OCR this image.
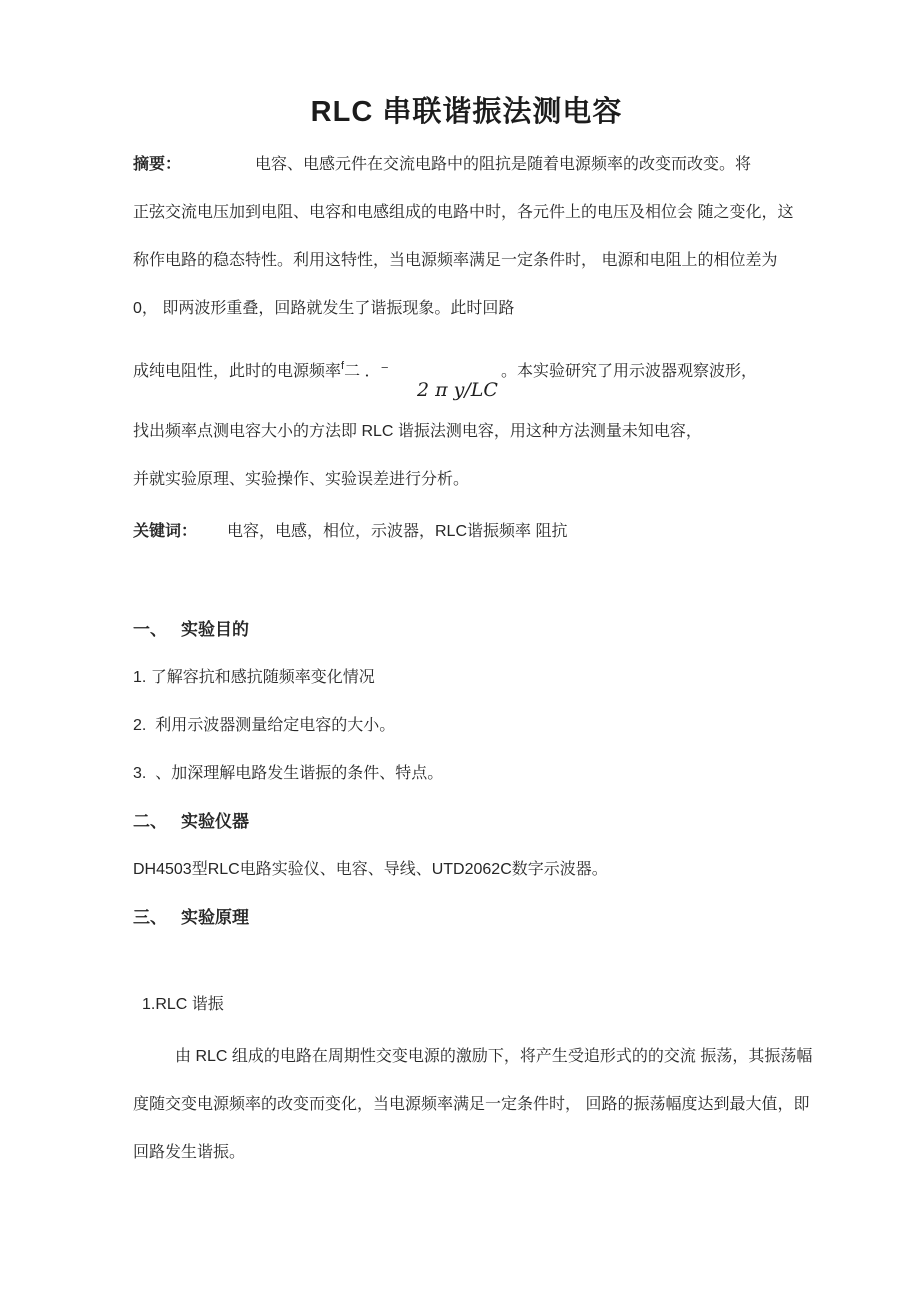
RLC 串联谐振法测电容

摘要：	电容、电感元件在交流电路中的阻抗是随着电源频率的改变而改变。将

正弦交流电压加到电阻、电容和电感组成的电路中时，各元件上的电压及相位会 随之变化，这

称作电路的稳态特性。利用这特性，当电源频率满足一定条件时， 电源和电阻上的相位差为

0， 即两波形重叠，回路就发生了谐振现象。此时回路

成纯电阻性，此时的电源频率$^f$二 ．⁻	。本实验研究了用示波器观察波形，
2 π y/LC

找出频率点测电容大小的方法即 RLC 谐振法测电容，用这种方法测量未知电容，

并就实验原理、实验操作、实验误差进行分析。

关键词： 电容，电感，相位，示波器，RLC谐振频率 阻抗

一、 实验目的

1. 了解容抗和感抗随频率变化情况

2.  利用示波器测量给定电容的大小。

3.  、加深理解电路发生谐振的条件、特点。

二、 实验仪器

DH4503型RLC电路实验仪、电容、导线、UTD2062C数字示波器。

三、 实验原理

1.RLC 谐振

由 RLC 组成的电路在周期性交变电源的激励下，将产生受追形式的的交流 振荡，其振荡幅

度随交变电源频率的改变而变化，当电源频率满足一定条件时， 回路的振荡幅度达到最大值，即

回路发生谐振。
